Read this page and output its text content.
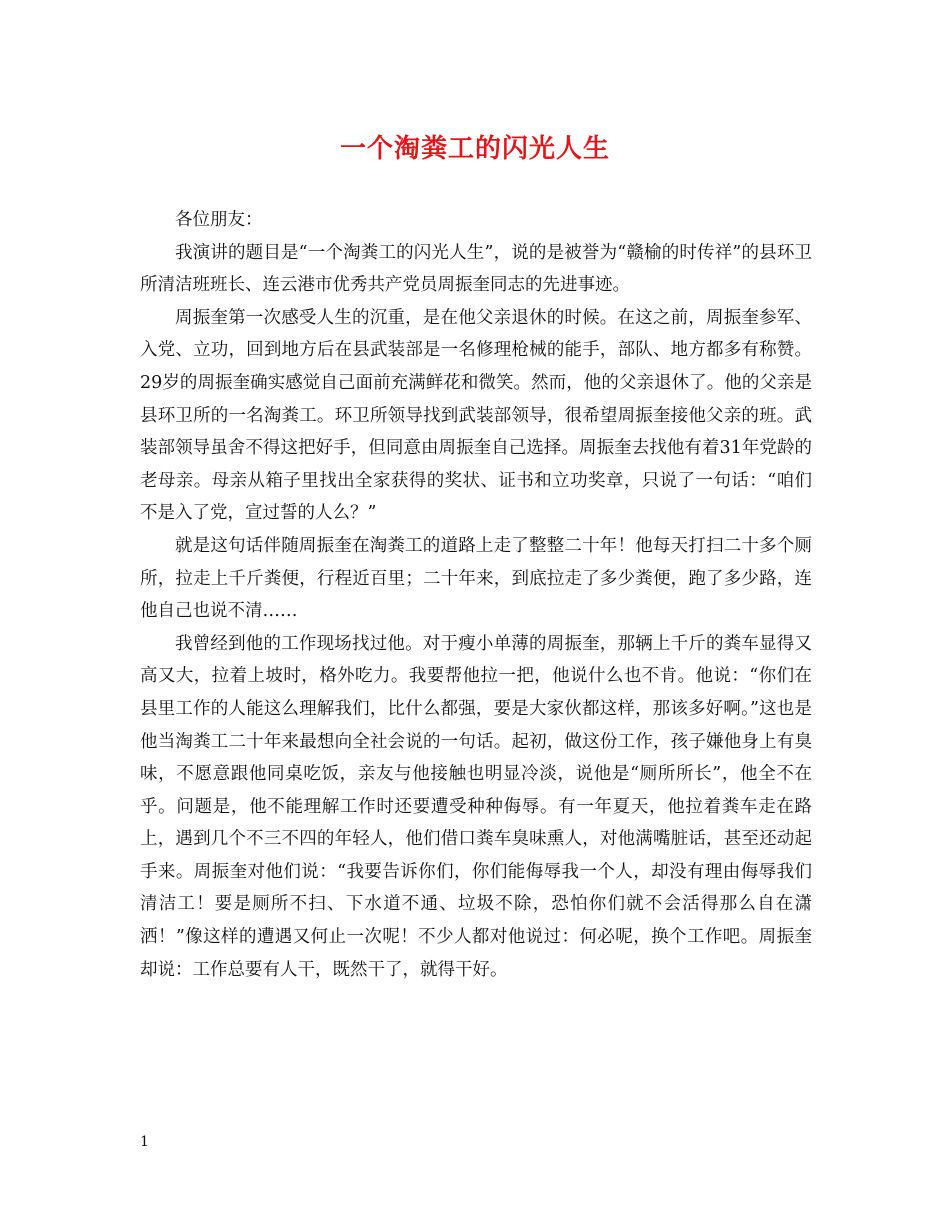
一个淘粪工的闪光人生

各位朋友：

我演讲的题目是“一个淘粪工的闪光人生”，说的是被誉为“赣榆的时传祥”的县环卫所清洁班班长、连云港市优秀共产党员周振奎同志的先进事迹。

周振奎第一次感受人生的沉重，是在他父亲退休的时候。在这之前，周振奎参军、入党、立功，回到地方后在县武装部是一名修理枪械的能手，部队、地方都多有称赞。29岁的周振奎确实感觉自己面前充满鲜花和微笑。然而，他的父亲退休了。他的父亲是县环卫所的一名淘粪工。环卫所领导找到武装部领导，很希望周振奎接他父亲的班。武装部领导虽舍不得这把好手，但同意由周振奎自己选择。周振奎去找他有着31年党龄的老母亲。母亲从箱子里找出全家获得的奖状、证书和立功奖章，只说了一句话：“咱们不是入了党，宣过誓的人么？”

就是这句话伴随周振奎在淘粪工的道路上走了整整二十年！他每天打扫二十多个厕所，拉走上千斤粪便，行程近百里；二十年来，到底拉走了多少粪便，跑了多少路，连他自己也说不清……

我曾经到他的工作现场找过他。对于瘦小单薄的周振奎，那辆上千斤的粪车显得又高又大，拉着上坡时，格外吃力。我要帮他拉一把，他说什么也不肯。他说：“你们在县里工作的人能这么理解我们，比什么都强，要是大家伙都这样，那该多好啊。”这也是他当淘粪工二十年来最想向全社会说的一句话。起初，做这份工作，孩子嫌他身上有臭味，不愿意跟他同桌吃饭，亲友与他接触也明显冷淡，说他是“厕所所长”，他全不在乎。问题是，他不能理解工作时还要遭受种种侮辱。有一年夏天，他拉着粪车走在路上，遇到几个不三不四的年轻人，他们借口粪车臭味熏人，对他满嘴脏话，甚至还动起手来。周振奎对他们说：“我要告诉你们，你们能侮辱我一个人，却没有理由侮辱我们清洁工！要是厕所不扫、下水道不通、垃圾不除，恐怕你们就不会活得那么自在潇洒！”像这样的遭遇又何止一次呢！不少人都对他说过：何必呢，换个工作吧。周振奎却说：工作总要有人干，既然干了，就得干好。

1
